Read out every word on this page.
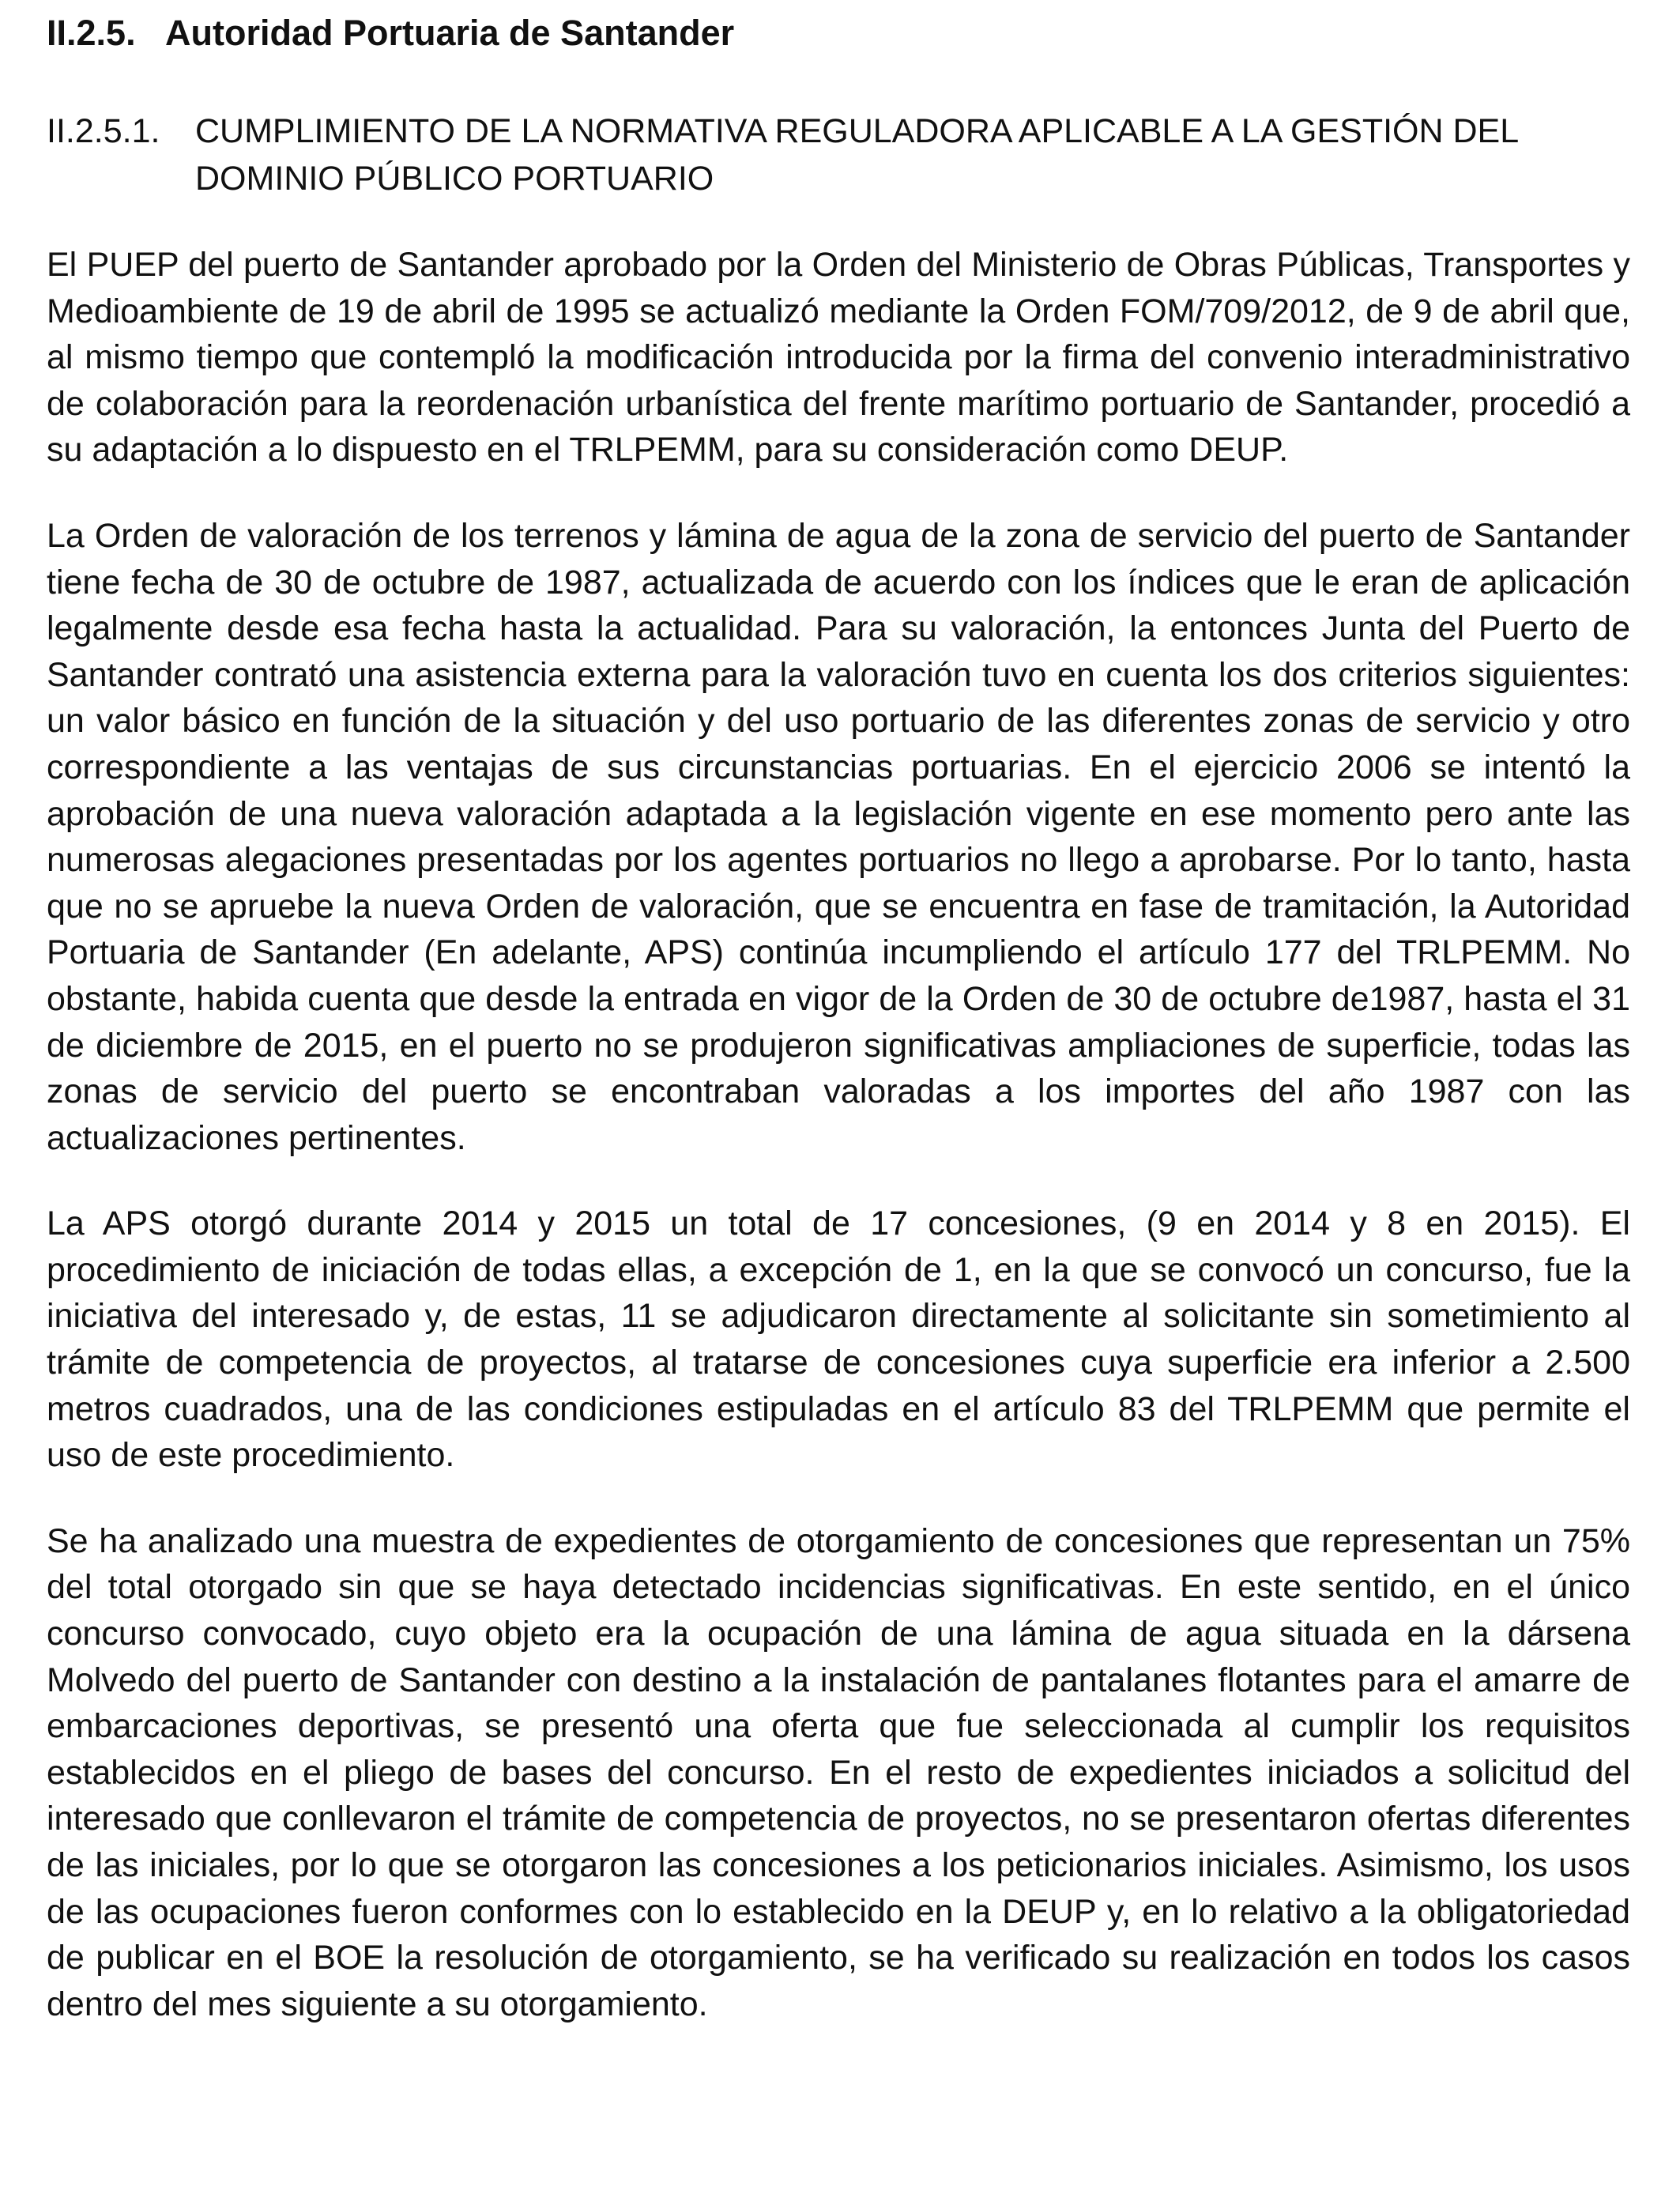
II.2.5. Autoridad Portuaria de Santander
II.2.5.1.	CUMPLIMIENTO DE LA NORMATIVA REGULADORA APLICABLE A LA GESTIÓN DEL DOMINIO PÚBLICO PORTUARIO

El PUEP del puerto de Santander aprobado por la Orden del Ministerio de Obras Públicas, Transportes y Medioambiente de 19 de abril de 1995 se actualizó mediante la Orden FOM/709/2012, de 9 de abril que, al mismo tiempo que contempló la modificación introducida por la firma del convenio interadministrativo de colaboración para la reordenación urbanística del frente marítimo portuario de Santander, procedió a su adaptación a lo dispuesto en el TRLPEMM, para su consideración como DEUP.

La Orden de valoración de los terrenos y lámina de agua de la zona de servicio del puerto de Santander tiene fecha de 30 de octubre de 1987, actualizada de acuerdo con los índices que le eran de aplicación legalmente desde esa fecha hasta la actualidad. Para su valoración, la entonces Junta del Puerto de Santander contrató una asistencia externa para la valoración tuvo en cuenta los dos criterios siguientes: un valor básico en función de la situación y del uso portuario de las diferentes zonas de servicio y otro correspondiente a las ventajas de sus circunstancias portuarias. En el ejercicio 2006 se intentó la aprobación de una nueva valoración adaptada a la legislación vigente en ese momento pero ante las numerosas alegaciones presentadas por los agentes portuarios no llego a aprobarse. Por lo tanto, hasta que no se apruebe la nueva Orden de valoración, que se encuentra en fase de tramitación, la Autoridad Portuaria de Santander (En adelante, APS) continúa incumpliendo el artículo 177 del TRLPEMM. No obstante, habida cuenta que desde la entrada en vigor de la Orden de 30 de octubre de1987, hasta el 31 de diciembre de 2015, en el puerto no se produjeron significativas ampliaciones de superficie, todas las zonas de servicio del puerto se encontraban valoradas a los importes del año 1987 con las actualizaciones pertinentes.

La APS otorgó durante 2014 y 2015 un total de 17 concesiones, (9 en 2014 y 8 en 2015). El procedimiento de iniciación de todas ellas, a excepción de 1, en la que se convocó un concurso, fue la iniciativa del interesado y, de estas, 11 se adjudicaron directamente al solicitante sin sometimiento al trámite de competencia de proyectos, al tratarse de concesiones cuya superficie era inferior a 2.500 metros cuadrados, una de las condiciones estipuladas en el artículo 83 del TRLPEMM que permite el uso de este procedimiento.

Se ha analizado una muestra de expedientes de otorgamiento de concesiones que representan un 75% del total otorgado sin que se haya detectado incidencias significativas. En este sentido, en el único concurso convocado, cuyo objeto era la ocupación de una lámina de agua situada en la dársena Molvedo del puerto de Santander con destino a la instalación de pantalanes flotantes para el amarre de embarcaciones deportivas, se presentó una oferta que fue seleccionada al cumplir los requisitos establecidos en el pliego de bases del concurso. En el resto de expedientes iniciados a solicitud del interesado que conllevaron el trámite de competencia de proyectos, no se presentaron ofertas diferentes de las iniciales, por lo que se otorgaron las concesiones a los peticionarios iniciales. Asimismo, los usos de las ocupaciones fueron conformes con lo establecido en la DEUP y, en lo relativo a la obligatoriedad de publicar en el BOE la resolución de otorgamiento, se ha verificado su realización en todos los casos dentro del mes siguiente a su otorgamiento.
